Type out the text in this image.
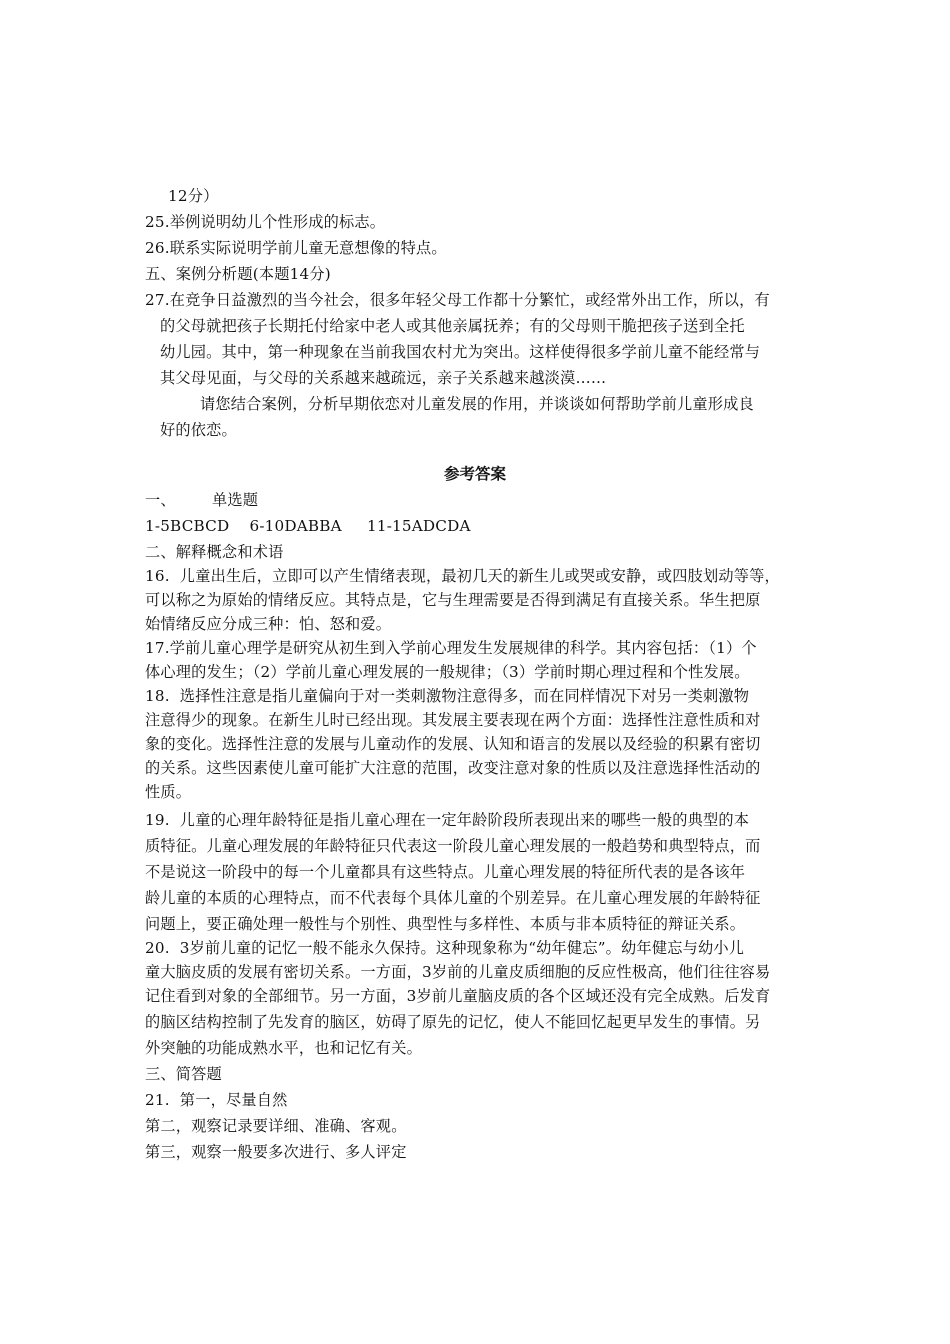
12分）
25.举例说明幼儿个性形成的标志。
26.联系实际说明学前儿童无意想像的特点。
五、案例分析题(本题14分)
27.在竞争日益激烈的当今社会，很多年轻父母工作都十分繁忙，或经常外出工作，所以，有
的父母就把孩子长期托付给家中老人或其他亲属抚养；有的父母则干脆把孩子送到全托
幼儿园。其中，第一种现象在当前我国农村尤为突出。这样使得很多学前儿童不能经常与
其父母见面，与父母的关系越来越疏远，亲子关系越来越淡漠……
请您结合案例，分析早期依恋对儿童发展的作用，并谈谈如何帮助学前儿童形成良
好的依恋。
参考答案
一、 单选题
1-5BCBCD    6-10DABBA     11-15ADCDA
二、解释概念和术语
16.  儿童出生后，立即可以产生情绪表现，最初几天的新生儿或哭或安静，或四肢划动等等，
可以称之为原始的情绪反应。其特点是，它与生理需要是否得到满足有直接关系。华生把原
始情绪反应分成三种：怕、怒和爱。
17.学前儿童心理学是研究从初生到入学前心理发生发展规律的科学。其内容包括：（1）个
体心理的发生；（2）学前儿童心理发展的一般规律；（3）学前时期心理过程和个性发展。
18.  选择性注意是指儿童偏向于对一类刺激物注意得多，而在同样情况下对另一类刺激物
注意得少的现象。在新生儿时已经出现。其发展主要表现在两个方面：选择性注意性质和对
象的变化。选择性注意的发展与儿童动作的发展、认知和语言的发展以及经验的积累有密切
的关系。这些因素使儿童可能扩大注意的范围，改变注意对象的性质以及注意选择性活动的
性质。
19.  儿童的心理年龄特征是指儿童心理在一定年龄阶段所表现出来的哪些一般的典型的本
质特征。儿童心理发展的年龄特征只代表这一阶段儿童心理发展的一般趋势和典型特点，而
不是说这一阶段中的每一个儿童都具有这些特点。儿童心理发展的特征所代表的是各该年
龄儿童的本质的心理特点，而不代表每个具体儿童的个别差异。在儿童心理发展的年龄特征
问题上，要正确处理一般性与个别性、典型性与多样性、本质与非本质特征的辩证关系。
20.  3岁前儿童的记忆一般不能永久保持。这种现象称为“幼年健忘”。幼年健忘与幼小儿
童大脑皮质的发展有密切关系。一方面，3岁前的儿童皮质细胞的反应性极高，他们往往容易
记住看到对象的全部细节。另一方面，3岁前儿童脑皮质的各个区域还没有完全成熟。后发育
的脑区结构控制了先发育的脑区，妨碍了原先的记忆，使人不能回忆起更早发生的事情。另
外突触的功能成熟水平，也和记忆有关。
三、简答题
21.  第一，尽量自然
第二，观察记录要详细、准确、客观。
第三，观察一般要多次进行、多人评定
